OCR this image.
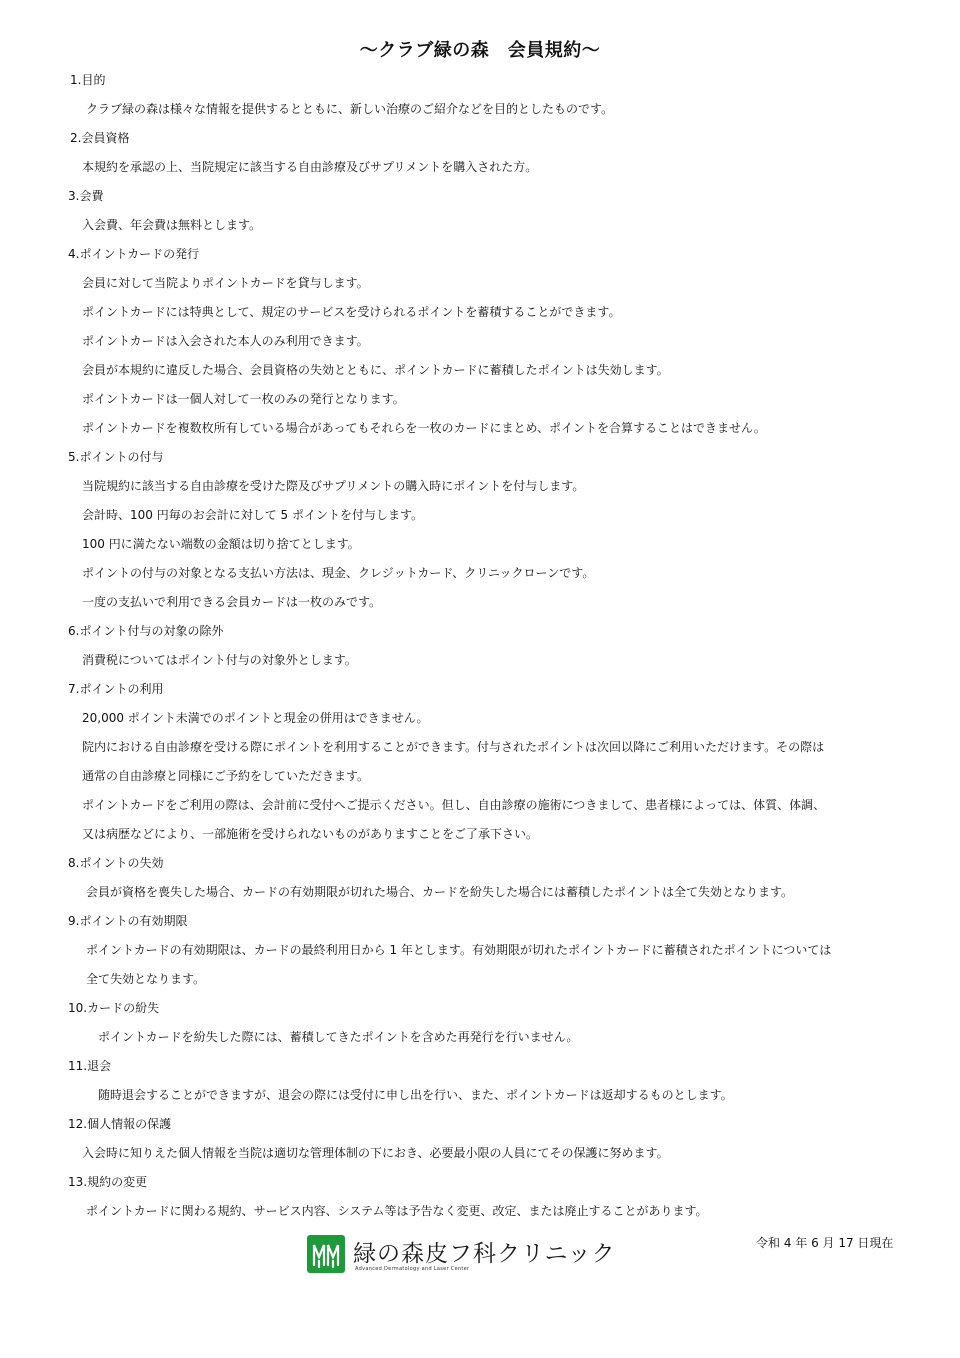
～クラブ緑の森　会員規約～
1.目的
クラブ緑の森は様々な情報を提供するとともに、新しい治療のご紹介などを目的としたものです。
2.会員資格
本規約を承認の上、当院規定に該当する自由診療及びサプリメントを購入された方。
3.会費
入会費、年会費は無料とします。
4.ポイントカードの発行
会員に対して当院よりポイントカードを貸与します。
ポイントカードには特典として、規定のサービスを受けられるポイントを蓄積することができます。
ポイントカードは入会された本人のみ利用できます。
会員が本規約に違反した場合、会員資格の失効とともに、ポイントカードに蓄積したポイントは失効します。
ポイントカードは一個人対して一枚のみの発行となります。
ポイントカードを複数枚所有している場合があってもそれらを一枚のカードにまとめ、ポイントを合算することはできません。
5.ポイントの付与
当院規約に該当する自由診療を受けた際及びサプリメントの購入時にポイントを付与します。
会計時、100 円毎のお会計に対して 5 ポイントを付与します。
100 円に満たない端数の金額は切り捨てとします。
ポイントの付与の対象となる支払い方法は、現金、クレジットカード、クリニックローンです。
一度の支払いで利用できる会員カードは一枚のみです。
6.ポイント付与の対象の除外
消費税についてはポイント付与の対象外とします。
7.ポイントの利用
20,000 ポイント未満でのポイントと現金の併用はできません。
院内における自由診療を受ける際にポイントを利用することができます。付与されたポイントは次回以降にご利用いただけます。その際は
通常の自由診療と同様にご予約をしていただきます。
ポイントカードをご利用の際は、会計前に受付へご提示ください。但し、自由診療の施術につきまして、患者様によっては、体質、体調、
又は病歴などにより、一部施術を受けられないものがありますことをご了承下さい。
8.ポイントの失効
会員が資格を喪失した場合、カードの有効期限が切れた場合、カードを紛失した場合には蓄積したポイントは全て失効となります。
9.ポイントの有効期限
ポイントカードの有効期限は、カードの最終利用日から 1 年とします。有効期限が切れたポイントカードに蓄積されたポイントについては
全て失効となります。
10.カードの紛失
ポイントカードを紛失した際には、蓄積してきたポイントを含めた再発行を行いません。
11.退会
随時退会することができますが、退会の際には受付に申し出を行い、また、ポイントカードは返却するものとします。
12.個人情報の保護
入会時に知りえた個人情報を当院は適切な管理体制の下におき、必要最小限の人員にてその保護に努めます。
13.規約の変更
ポイントカードに関わる規約、サービス内容、システム等は予告なく変更、改定、または廃止することがあります。
緑の森皮フ科クリニック
Advanced Dermatology and Laser Center
令和 4 年 6 月 17 日現在
